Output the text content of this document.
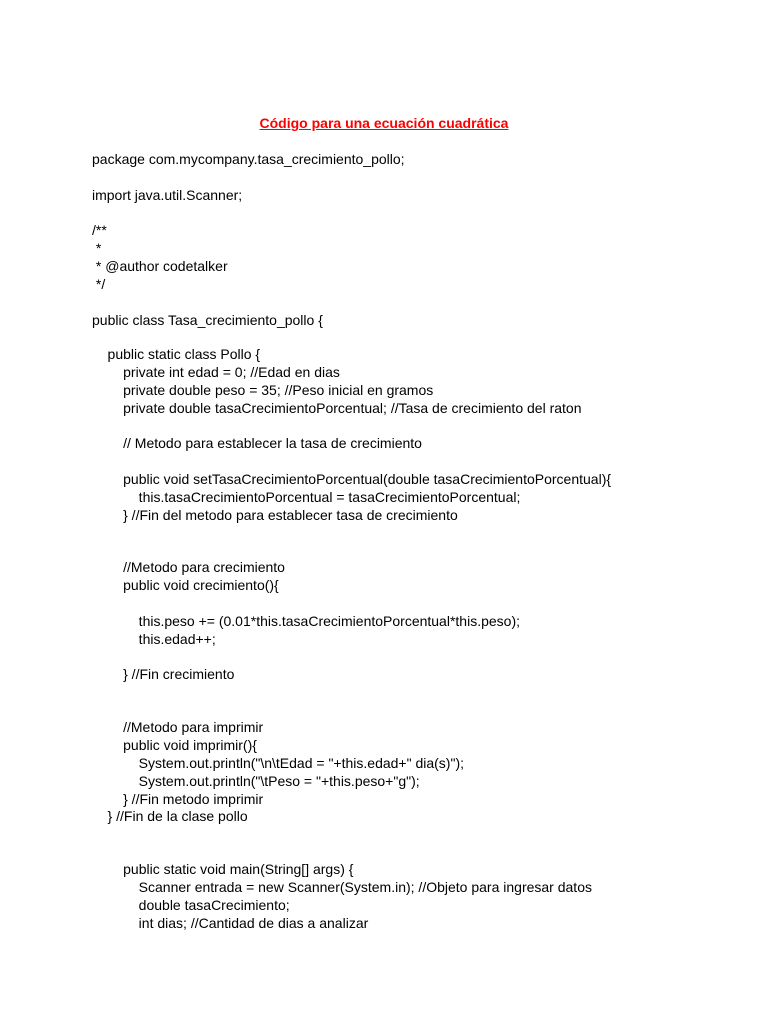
Código para una ecuación cuadrática
package com.mycompany.tasa_crecimiento_pollo;
import java.util.Scanner;
/**
*
* @author codetalker
*/
public class Tasa_crecimiento_pollo {
public static class Pollo {
private int edad = 0; //Edad en dias
private double peso = 35; //Peso inicial en gramos
private double tasaCrecimientoPorcentual; //Tasa de crecimiento del raton
// Metodo para establecer la tasa de crecimiento
public void setTasaCrecimientoPorcentual(double tasaCrecimientoPorcentual){
this.tasaCrecimientoPorcentual = tasaCrecimientoPorcentual;
} //Fin del metodo para establecer tasa de crecimiento
//Metodo para crecimiento
public void crecimiento(){
this.peso += (0.01*this.tasaCrecimientoPorcentual*this.peso);
this.edad++;
} //Fin crecimiento
//Metodo para imprimir
public void imprimir(){
System.out.println("\n\tEdad = "+this.edad+" dia(s)");
System.out.println("\tPeso = "+this.peso+"g");
} //Fin metodo imprimir
} //Fin de la clase pollo
public static void main(String[] args) {
Scanner entrada = new Scanner(System.in); //Objeto para ingresar datos
double tasaCrecimiento;
int dias; //Cantidad de dias a analizar
